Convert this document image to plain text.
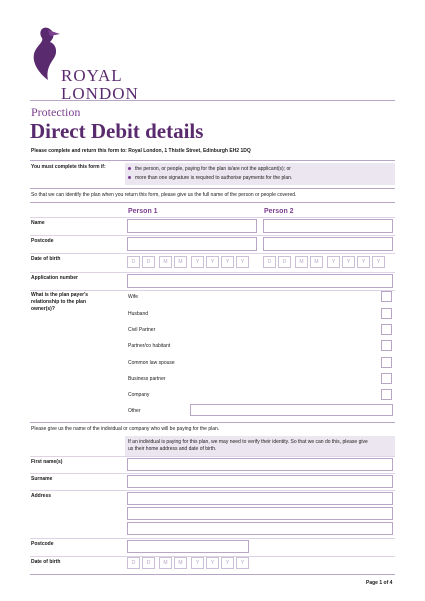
ROYAL
LONDON
Protection
Direct Debit details
Please complete and return this form to: Royal London, 1 Thistle Street, Edinburgh EH2 1DQ
You must complete this form if:	the person, or people, paying for the plan is/are not the applicant(s); or
more than one signature is required to authorise payments for the plan.
So that we can identify the plan when you return this form, please give us the full name of the person or people covered.
Person 1	Person 2
Name
Postcode
Date of birth	D	D	M	M	Y	Y	Y	Y	D	D	M	M	Y	Y	Y	Y
Application number
What is the plan payer's relationship to the plan owner(s)?
Wife
Husband
Civil Partner
Partner/co habitant
Common law spouse
Business partner
Company
Other
Please give us the name of the individual or company who will be paying for the plan.
If an individual is paying for this plan, we may need to verify their identity. So that we can do this, please give us their home address and date of birth.
First name(s)
Surname
Address
Postcode
Date of birth	D	D	M	M	Y	Y	Y	Y
Page 1 of 4
